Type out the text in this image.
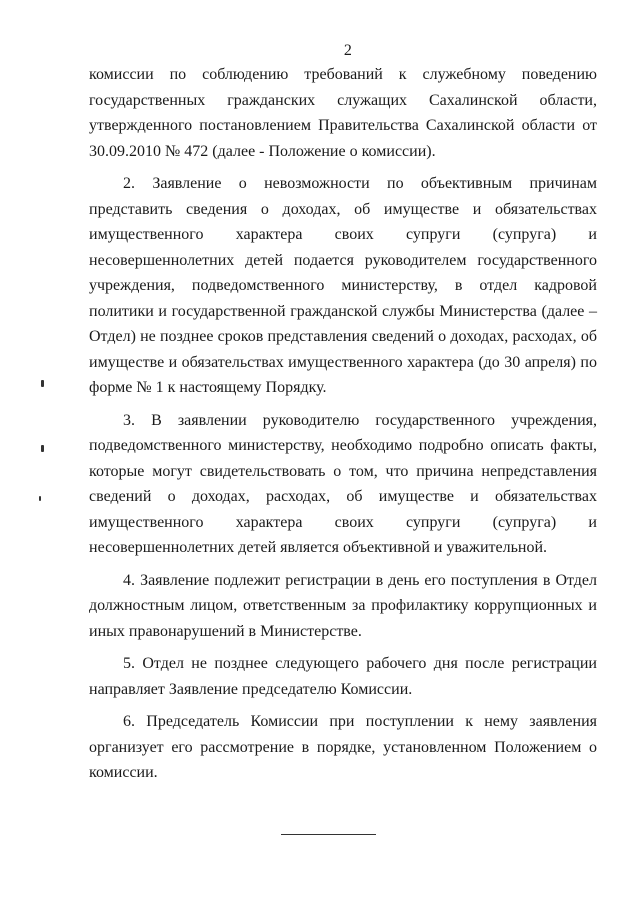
2

комиссии по соблюдению требований к служебному поведению государственных гражданских служащих Сахалинской области, утвержденного постановлением Правительства Сахалинской области от 30.09.2010 № 472 (далее - Положение о комиссии).

2. Заявление о невозможности по объективным причинам представить сведения о доходах, об имуществе и обязательствах имущественного характера своих супруги (супруга) и несовершеннолетних детей подается руководителем государственного учреждения, подведомственного министерству, в отдел кадровой политики и государственной гражданской службы Министерства (далее – Отдел) не позднее сроков представления сведений о доходах, расходах, об имуществе и обязательствах имущественного характера (до 30 апреля) по форме № 1 к настоящему Порядку.

3. В заявлении руководителю государственного учреждения, подведомственного министерству, необходимо подробно описать факты, которые могут свидетельствовать о том, что причина непредставления сведений о доходах, расходах, об имуществе и обязательствах имущественного характера своих супруги (супруга) и несовершеннолетних детей является объективной и уважительной.

4. Заявление подлежит регистрации в день его поступления в Отдел должностным лицом, ответственным за профилактику коррупционных и иных правонарушений в Министерстве.

5. Отдел не позднее следующего рабочего дня после регистрации направляет Заявление председателю Комиссии.

6. Председатель Комиссии при поступлении к нему заявления организует его рассмотрение в порядке, установленном Положением о комиссии.
